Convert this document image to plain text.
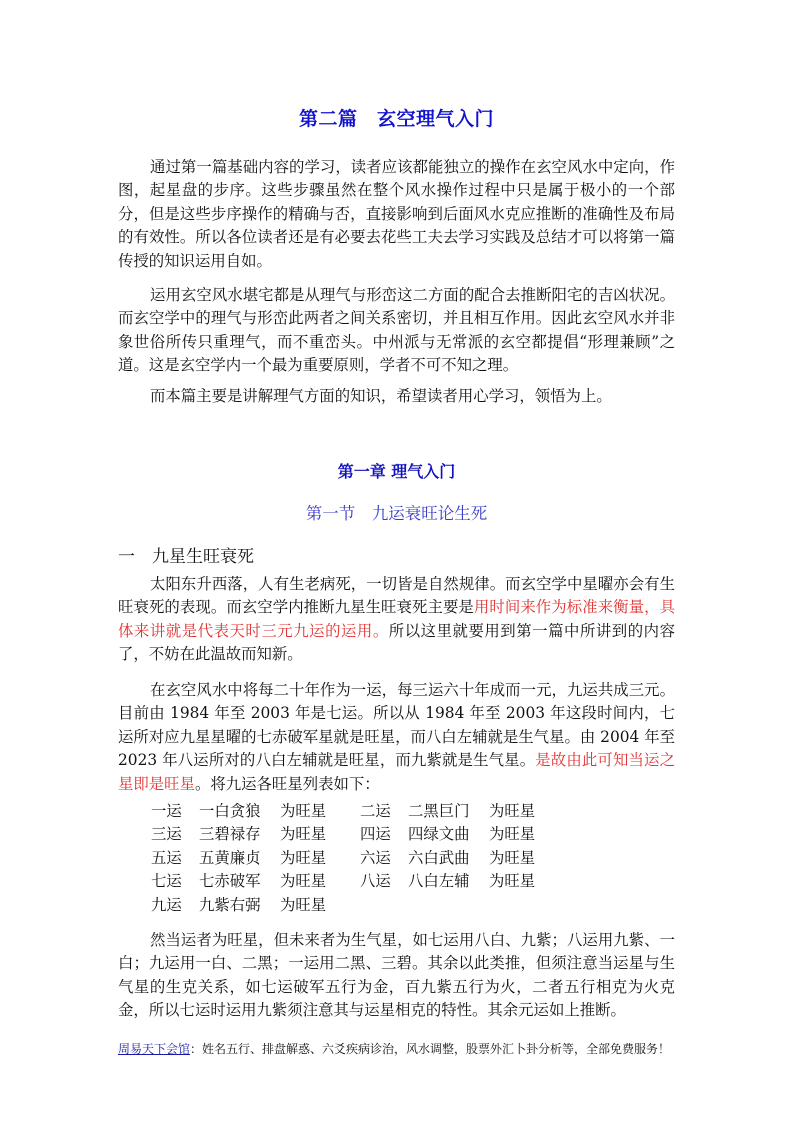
第二篇　玄空理气入门
通过第一篇基础内容的学习，读者应该都能独立的操作在玄空风水中定向，作图，起星盘的步序。这些步骤虽然在整个风水操作过程中只是属于极小的一个部分，但是这些步序操作的精确与否，直接影响到后面风水克应推断的准确性及布局的有效性。所以各位读者还是有必要去花些工夫去学习实践及总结才可以将第一篇传授的知识运用自如。
运用玄空风水堪宅都是从理气与形峦这二方面的配合去推断阳宅的吉凶状况。而玄空学中的理气与形峦此两者之间关系密切，并且相互作用。因此玄空风水并非象世俗所传只重理气，而不重峦头。中州派与无常派的玄空都提倡“形理兼顾”之道。这是玄空学内一个最为重要原则，学者不可不知之理。
而本篇主要是讲解理气方面的知识，希望读者用心学习，领悟为上。
第一章 理气入门
第一节　九运衰旺论生死
一　九星生旺衰死
太阳东升西落，人有生老病死，一切皆是自然规律。而玄空学中星曜亦会有生旺衰死的表现。而玄空学内推断九星生旺衰死主要是用时间来作为标准来衡量，具体来讲就是代表天时三元九运的运用。所以这里就要用到第一篇中所讲到的内容了，不妨在此温故而知新。
在玄空风水中将每二十年作为一运，每三运六十年成而一元，九运共成三元。目前由 1984 年至 2003 年是七运。所以从 1984 年至 2003 年这段时间内，七运所对应九星星曜的七赤破军星就是旺星，而八白左辅就是生气星。由 2004 年至 2023 年八运所对的八白左辅就是旺星，而九紫就是生气星。是故由此可知当运之星即是旺星。将九运各旺星列表如下：
一运	一白贪狼	为旺星	二运	二黑巨门	为旺星
三运	三碧禄存	为旺星	四运	四绿文曲	为旺星
五运	五黄廉贞	为旺星	六运	六白武曲	为旺星
七运	七赤破军	为旺星	八运	八白左辅	为旺星
九运	九紫右弼	为旺星
然当运者为旺星，但未来者为生气星，如七运用八白、九紫；八运用九紫、一白；九运用一白、二黑；一运用二黑、三碧。其余以此类推，但须注意当运星与生气星的生克关系，如七运破军五行为金，百九紫五行为火，二者五行相克为火克金，所以七运时运用九紫须注意其与运星相克的特性。其余元运如上推断。
周易天下会馆：姓名五行、排盘解惑、六爻疾病诊治，风水调整，股票外汇卜卦分析等，全部免费服务！
